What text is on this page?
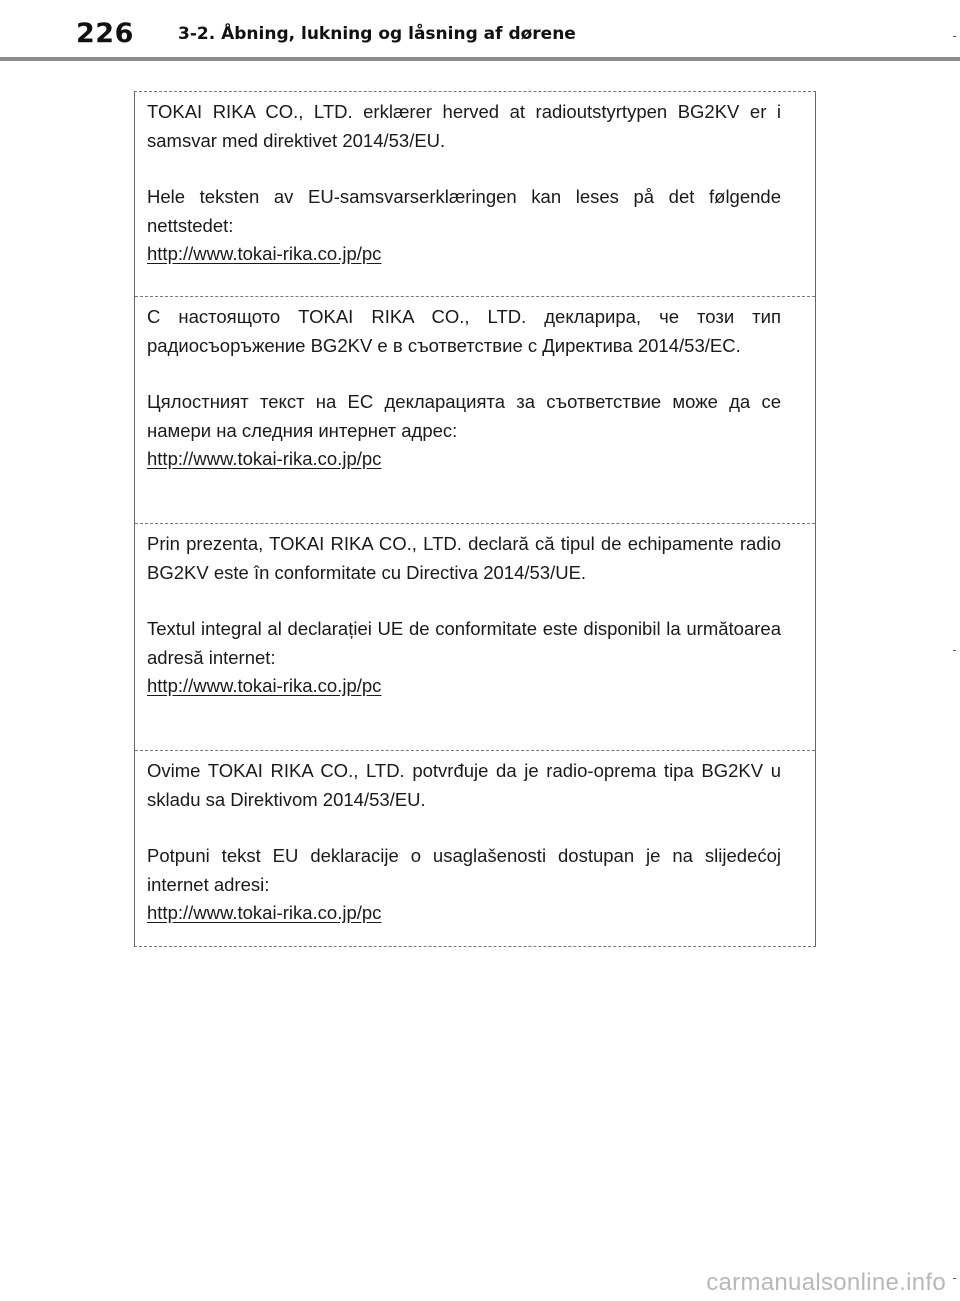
226	3-2. Åbning, lukning og låsning af dørene

TOKAI RIKA CO., LTD. erklærer herved at radioutstyrtypen BG2KV er i samsvar med direktivet 2014/53/EU.

Hele teksten av EU-samsvarserklæringen kan leses på det følgende nettstedet:

http://www.tokai-rika.co.jp/pc

С настоящото TOKAI RIKA CO., LTD. декларира, че този тип радиосъоръжение BG2KV е в съответствие с Директива 2014/53/ЕС.

Цялостният текст на ЕС декларацията за съответствие може да се намери на следния интернет адрес:

http://www.tokai-rika.co.jp/pc

Prin prezenta, TOKAI RIKA CO., LTD. declară că tipul de echipamente radio BG2KV este în conformitate cu Directiva 2014/53/UE.

Textul integral al declarației UE de conformitate este disponibil la următoarea adresă internet:

http://www.tokai-rika.co.jp/pc

Ovime TOKAI RIKA CO., LTD. potvrđuje da je radio-oprema tipa BG2KV u skladu sa Direktivom 2014/53/EU.

Potpuni tekst EU deklaracije o usaglašenosti dostupan je na slijedećoj internet adresi:

http://www.tokai-rika.co.jp/pc
carmanualsonline.info
